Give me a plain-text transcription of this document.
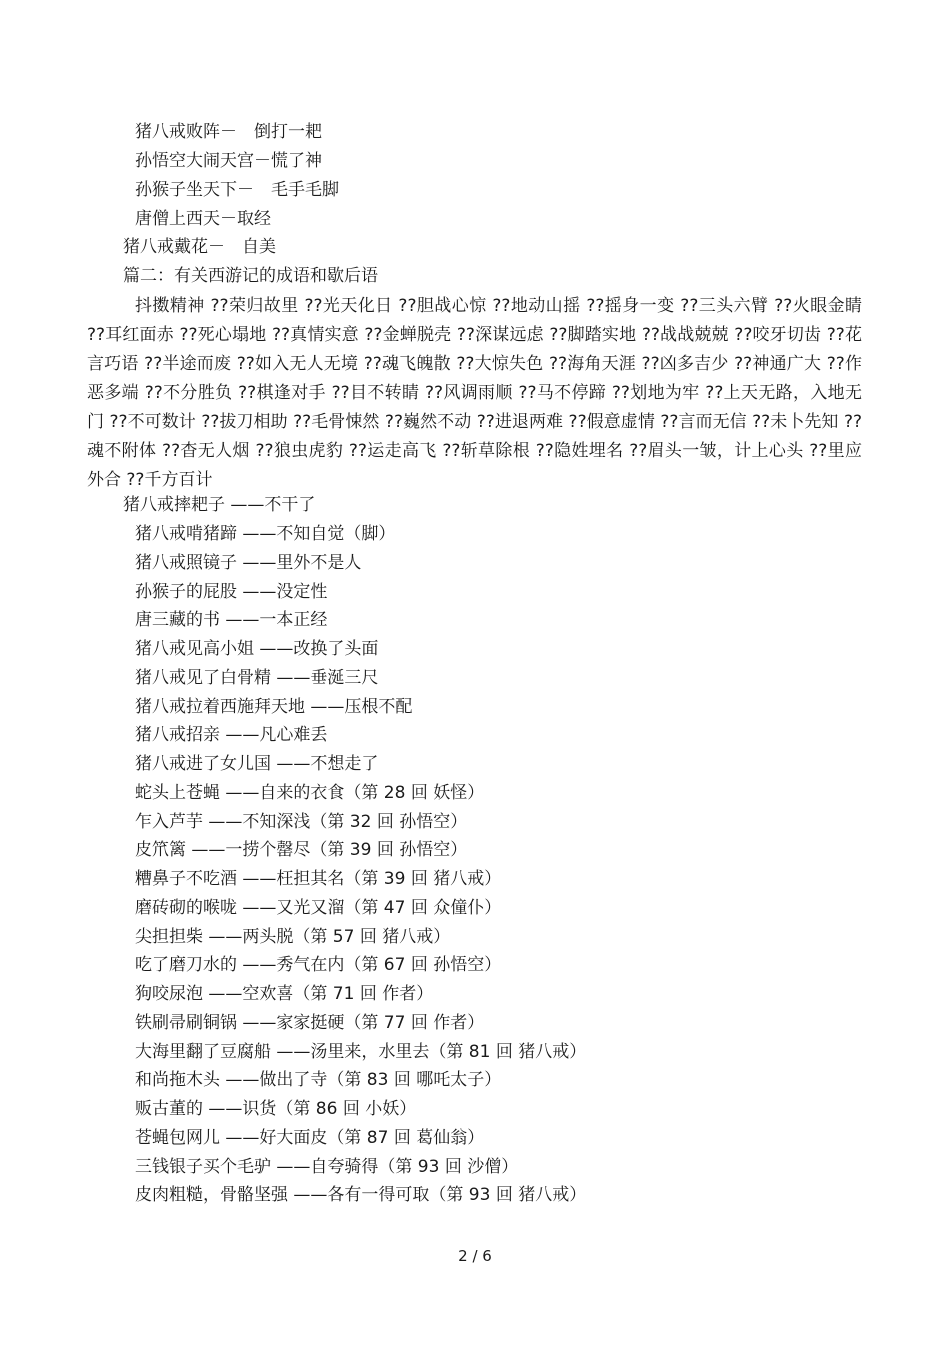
猪八戒败阵－　倒打一耙
孙悟空大闹天宫－慌了神
孙猴子坐天下－　毛手毛脚
唐僧上西天－取经
猪八戒戴花－　自美
篇二：有关西游记的成语和歇后语
抖擞精神 ??荣归故里 ??光天化日 ??胆战心惊 ??地动山摇 ??摇身一变 ??三头六臂 ??火眼金睛 ??耳红面赤 ??死心塌地 ??真情实意 ??金蝉脱壳 ??深谋远虑 ??脚踏实地 ??战战兢兢 ??咬牙切齿 ??花言巧语 ??半途而废 ??如入无人无境 ??魂飞魄散 ??大惊失色 ??海角天涯 ??凶多吉少 ??神通广大 ??作恶多端 ??不分胜负 ??棋逢对手 ??目不转睛 ??风调雨顺 ??马不停蹄 ??划地为牢 ??上天无路，入地无门 ??不可数计 ??拔刀相助 ??毛骨悚然 ??巍然不动 ??进退两难 ??假意虚情 ??言而无信 ??未卜先知 ??魂不附体 ??杳无人烟 ??狼虫虎豹 ??运走高飞 ??斩草除根 ??隐姓埋名 ??眉头一皱，计上心头 ??里应外合 ??千方百计
猪八戒摔耙子 ——不干了
猪八戒啃猪蹄 ——不知自觉（脚）
猪八戒照镜子 ——里外不是人
孙猴子的屁股 ——没定性
唐三藏的书 ——一本正经
猪八戒见高小姐 ——改换了头面
猪八戒见了白骨精 ——垂涎三尺
猪八戒拉着西施拜天地 ——压根不配
猪八戒招亲 ——凡心难丢
猪八戒进了女儿国 ——不想走了
蛇头上苍蝇 ——自来的衣食（第 28 回 妖怪）
乍入芦芋 ——不知深浅（第 32 回 孙悟空）
皮笊篱 ——一捞个罄尽（第 39 回 孙悟空）
糟鼻子不吃酒 ——枉担其名（第 39 回 猪八戒）
磨砖砌的喉咙 ——又光又溜（第 47 回 众僮仆）
尖担担柴 ——两头脱（第 57 回 猪八戒）
吃了磨刀水的 ——秀气在内（第 67 回 孙悟空）
狗咬尿泡 ——空欢喜（第 71 回 作者）
铁刷帚刷铜锅 ——家家挺硬（第 77 回 作者）
大海里翻了豆腐船 ——汤里来，水里去（第 81 回 猪八戒）
和尚拖木头 ——做出了寺（第 83 回 哪吒太子）
贩古董的 ——识货（第 86 回 小妖）
苍蝇包网儿 ——好大面皮（第 87 回 葛仙翁）
三钱银子买个毛驴 ——自夸骑得（第 93 回 沙僧）
皮肉粗糙，骨骼坚强 ——各有一得可取（第 93 回 猪八戒）
2 / 6
